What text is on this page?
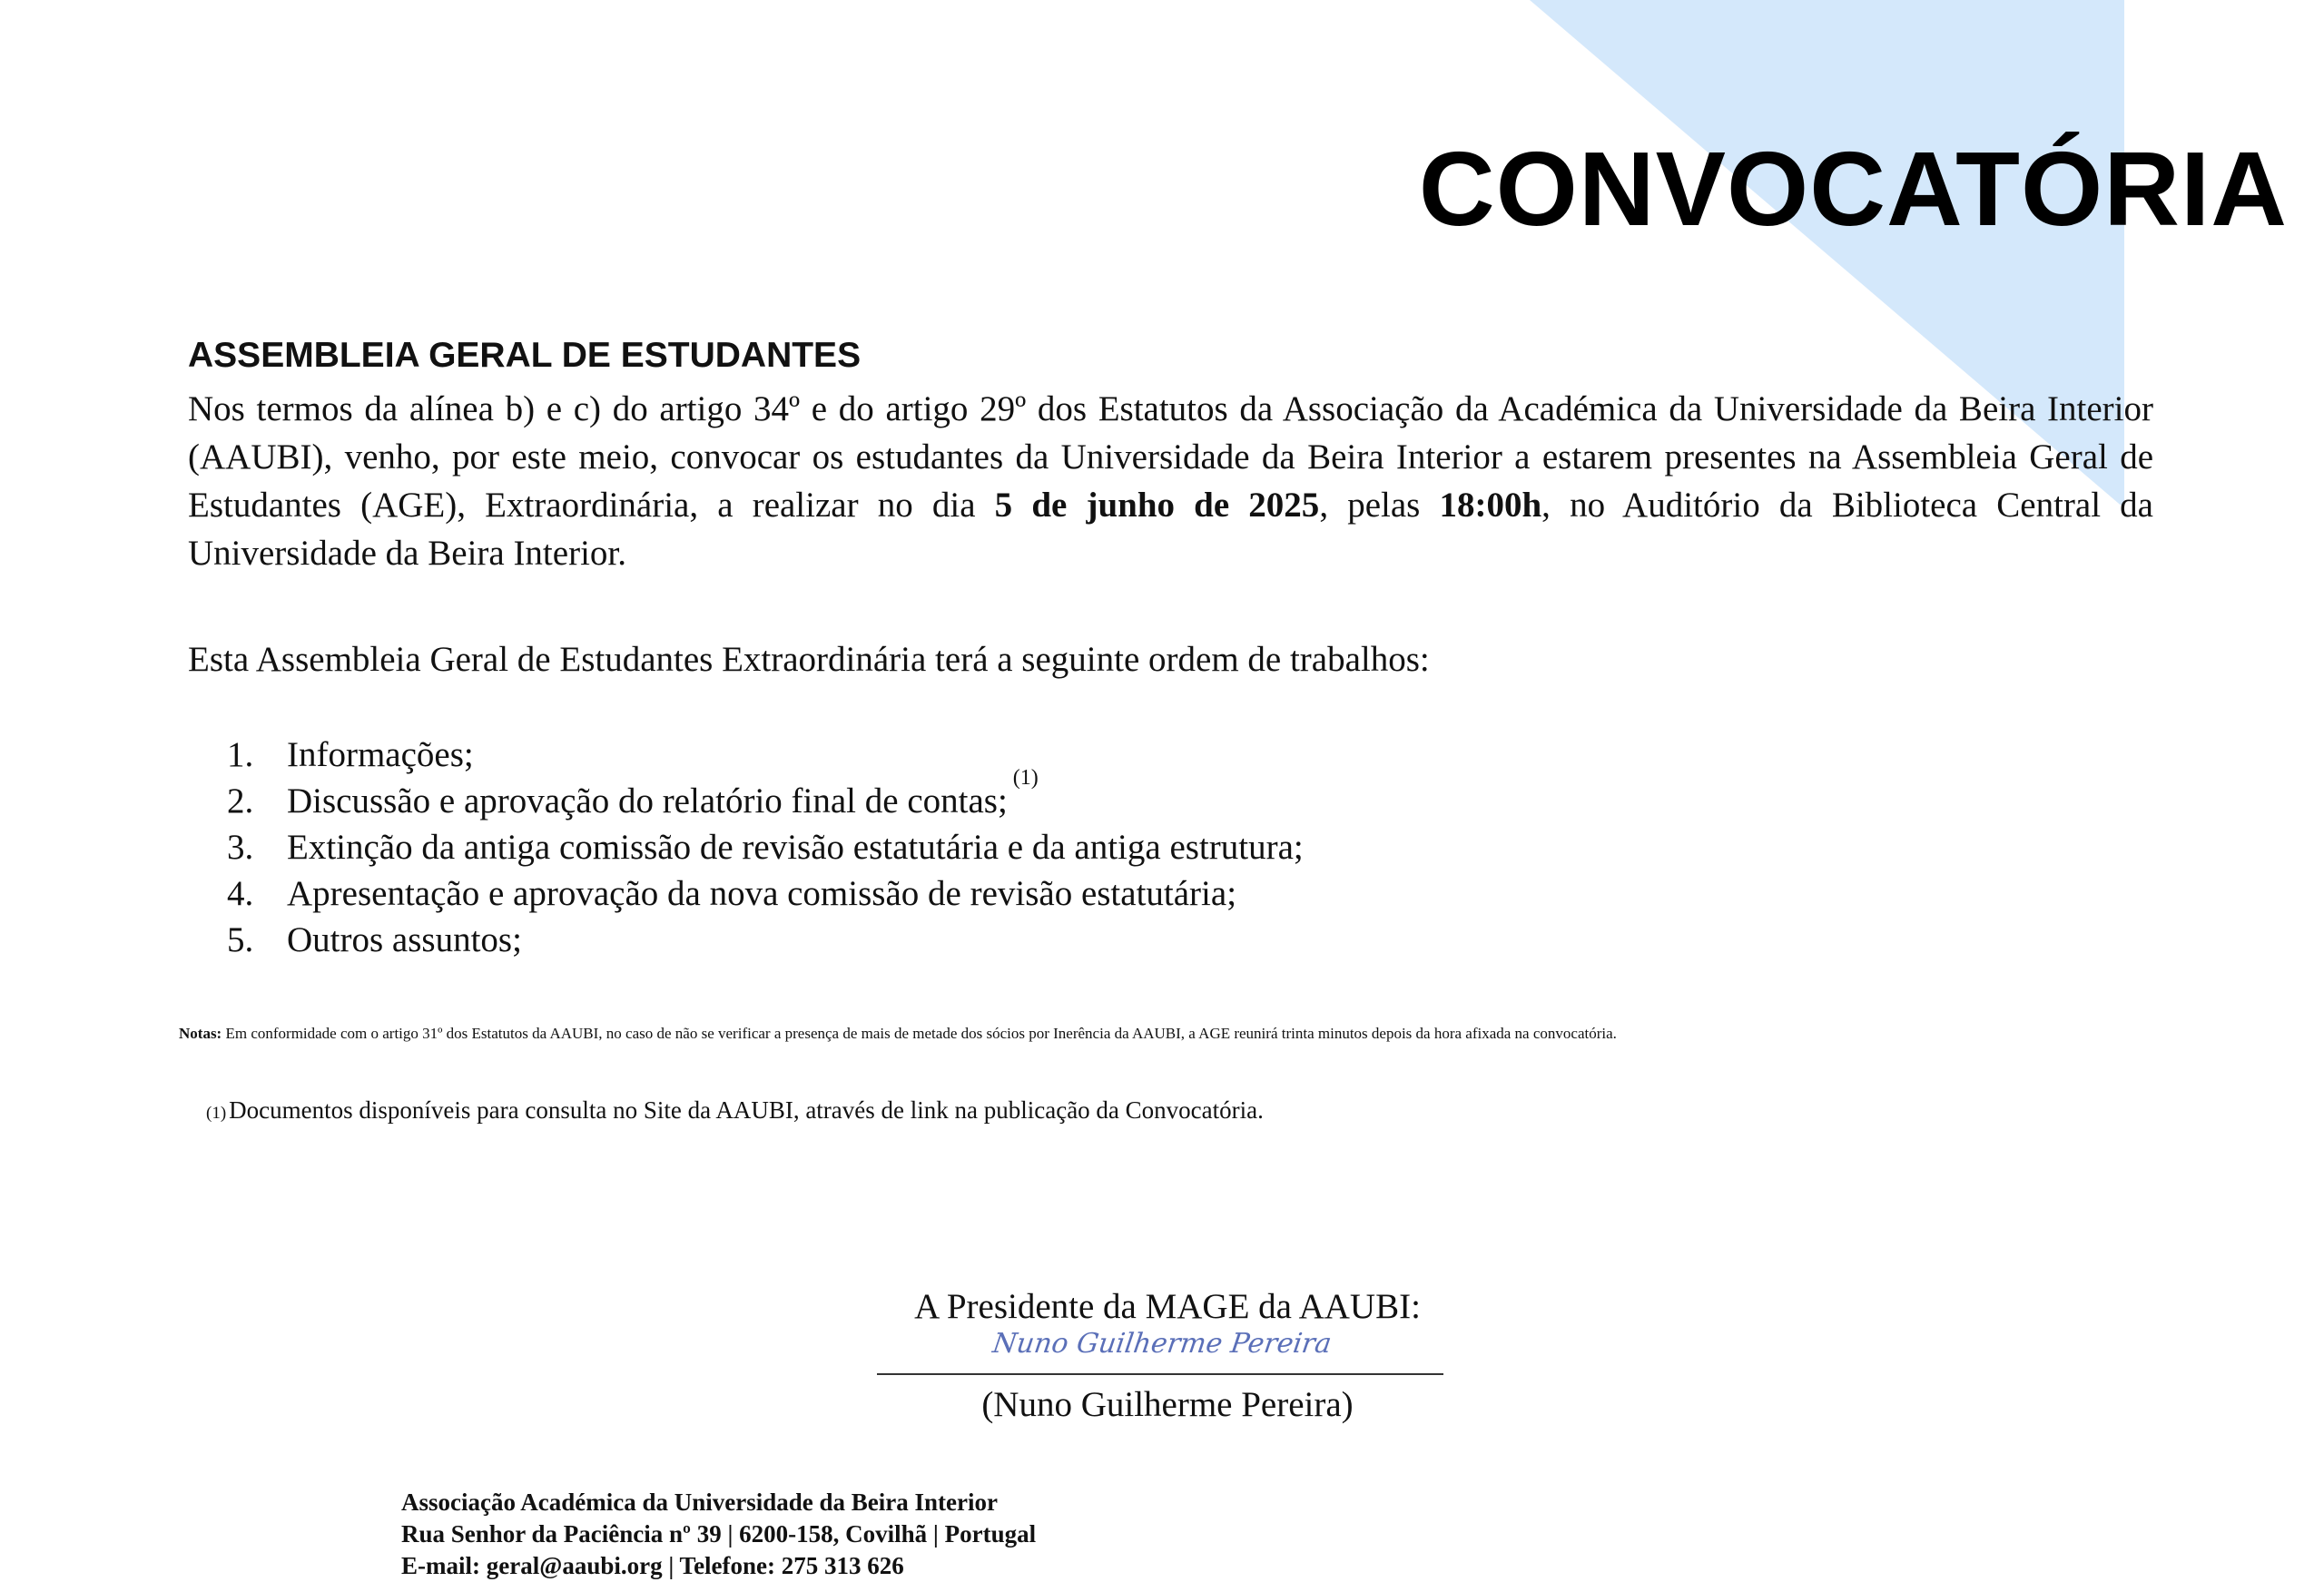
CONVOCATÓRIA
ASSEMBLEIA GERAL DE ESTUDANTES

Nos termos da alínea b) e c) do artigo 34º e do artigo 29º dos Estatutos da Associação da Académica da Universidade da Beira Interior (AAUBI), venho, por este meio, convocar os estudantes da Universidade da Beira Interior a estarem presentes na Assembleia Geral de Estudantes (AGE), Extraordinária, a realizar no dia 5 de junho de 2025, pelas 18:00h, no Auditório da Biblioteca Central da Universidade da Beira Interior.

Esta Assembleia Geral de Estudantes Extraordinária terá a seguinte ordem de trabalhos:

1. Informações;
2. Discussão e aprovação do relatório final de contas;
(1)
3. Extinção da antiga comissão de revisão estatutária e da antiga estrutura;
4. Apresentação e aprovação da nova comissão de revisão estatutária;
5. Outros assuntos;

Notas: Em conformidade com o artigo 31º dos Estatutos da AAUBI, no caso de não se verificar a presença de mais de metade dos sócios por Inerência da AAUBI, a AGE reunirá trinta minutos depois da hora afixada na convocatória.

(1) Documentos disponíveis para consulta no Site da AAUBI, através de link na publicação da Convocatória.

A Presidente da MAGE da AAUBI:
Nuno Guilherme Pereira
(Nuno Guilherme Pereira)
Associação Académica da Universidade da Beira Interior
Rua Senhor da Paciência nº 39 | 6200-158, Covilhã | Portugal
E-mail: geral@aaubi.org | Telefone: 275 313 626
